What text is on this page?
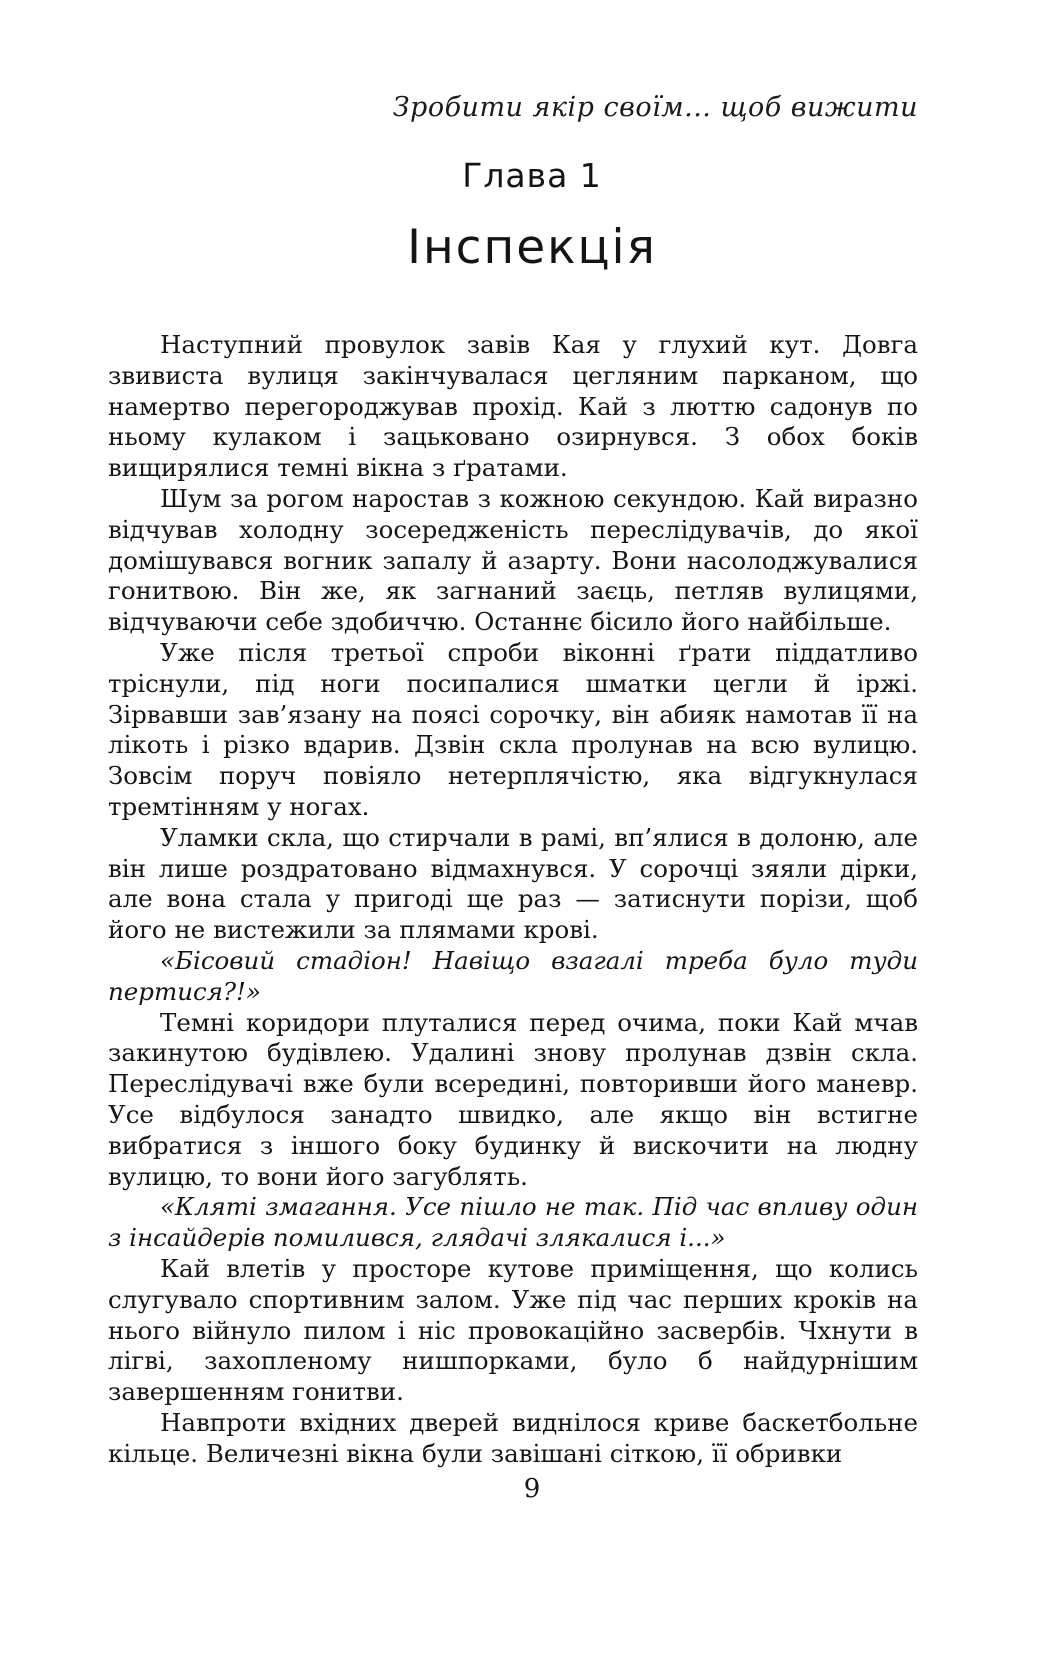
Зробити якір своїм... щоб вижити
Глава 1
Інспекція

Наступний провулок завів Кая у глухий кут. Довга звивиста вулиця закінчувалася цегляним парканом, що намертво перегороджував прохід. Кай з люттю садонув по ньому кулаком і зацьковано озирнувся. З обох боків вищирялися темні вікна з ґратами.

Шум за рогом наростав з кожною секундою. Кай виразно відчував холодну зосередженість переслідувачів, до якої домішувався вогник запалу й азарту. Вони насолоджувалися гонитвою. Він же, як загнаний заєць, петляв вулицями, відчуваючи себе здобиччю. Останнє бісило його найбільше.

Уже після третьої спроби віконні ґрати піддатливо тріснули, під ноги посипалися шматки цегли й іржі. Зірвавши зав’язану на поясі сорочку, він абияк намотав її на лікоть і різко вдарив. Дзвін скла пролунав на всю вулицю. Зовсім поруч повіяло нетерплячістю, яка відгукнулася тремтінням у ногах.

Уламки скла, що стирчали в рамі, вп’ялися в долоню, але він лише роздратовано відмахнувся. У сорочці зяяли дірки, але вона стала у пригоді ще раз — затиснути порізи, щоб його не вистежили за плямами крові.

«Бісовий стадіон! Навіщо взагалі треба було туди пертися?!»

Темні коридори плуталися перед очима, поки Кай мчав закинутою будівлею. Удалині знову пролунав дзвін скла. Переслідувачі вже були всередині, повторивши його маневр. Усе відбулося занадто швидко, але якщо він встигне вибратися з іншого боку будинку й вискочити на людну вулицю, то вони його загублять.

«Кляті змагання. Усе пішло не так. Під час впливу один з інсайдерів помилився, глядачі злякалися і...»

Кай влетів у просторе кутове приміщення, що колись слугувало спортивним залом. Уже під час перших кроків на нього війнуло пилом і ніс провокаційно засвербів. Чхнути в лігві, захопленому нишпорками, було б найдурнішим завершенням гонитви.

Навпроти вхідних дверей виднілося криве баскетбольне кільце. Величезні вікна були завішані сіткою, її обривки

9
